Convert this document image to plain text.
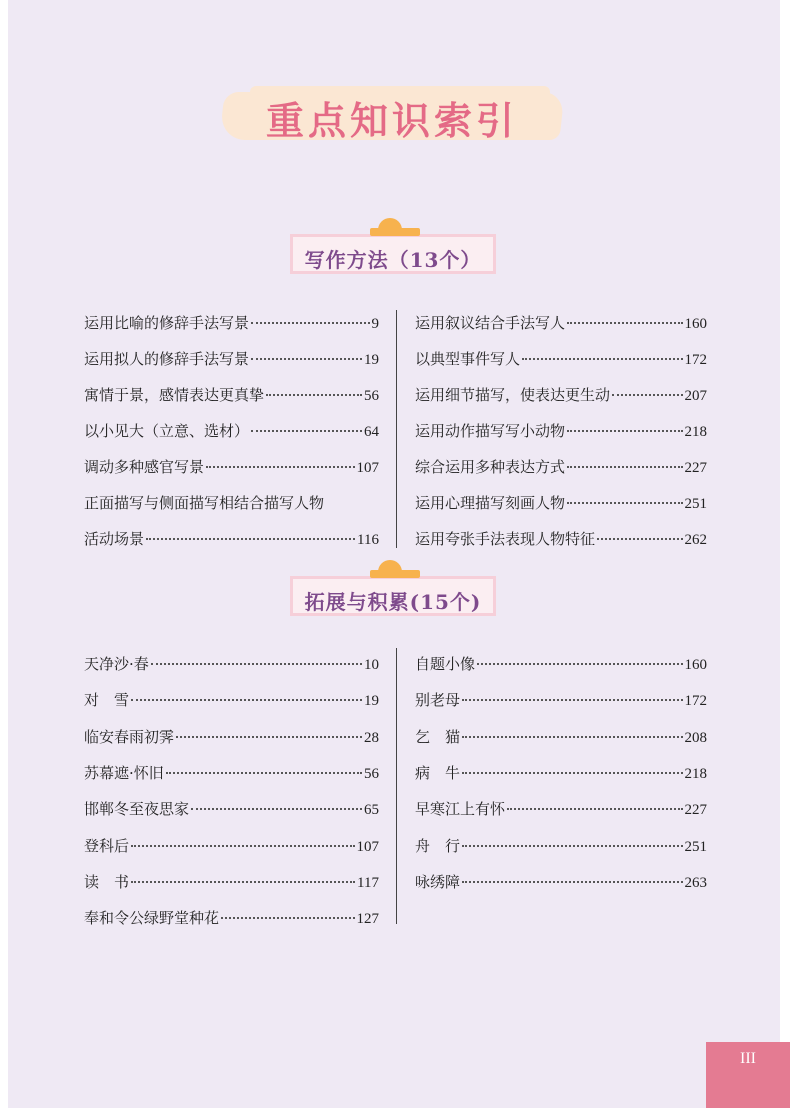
重点知识索引
写作方法（13个）
运用比喻的修辞手法写景	9
运用拟人的修辞手法写景	19
寓情于景，感情表达更真挚	56
以小见大（立意、选材）	64
调动多种感官写景	107
正面描写与侧面描写相结合描写人物
活动场景	116
运用叙议结合手法写人	160
以典型事件写人	172
运用细节描写，使表达更生动	207
运用动作描写写小动物	218
综合运用多种表达方式	227
运用心理描写刻画人物	251
运用夸张手法表现人物特征	262
拓展与积累(15个)
天净沙·春	10
对　雪	19
临安春雨初霁	28
苏幕遮·怀旧	56
邯郸冬至夜思家	65
登科后	107
读　书	117
奉和令公绿野堂种花	127
自题小像	160
别老母	172
乞　猫	208
病　牛	218
早寒江上有怀	227
舟　行	251
咏绣障	263
III
